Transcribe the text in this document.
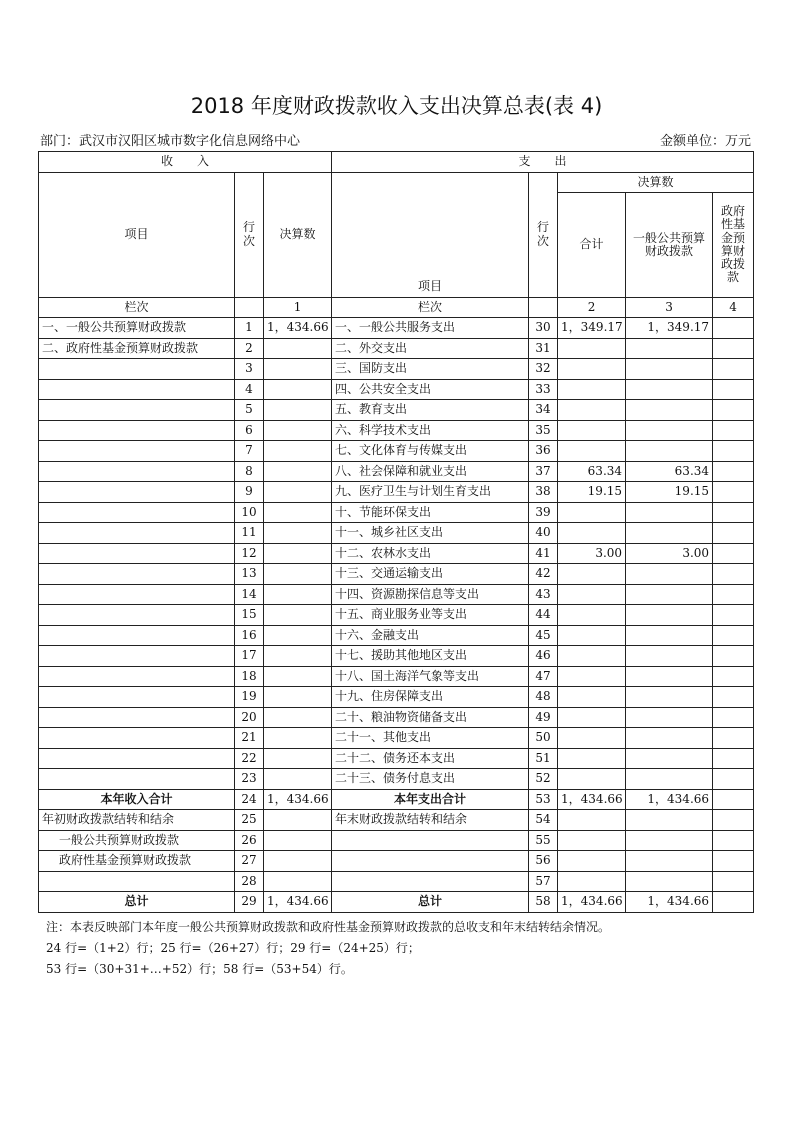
2018 年度财政拨款收入支出决算总表(表 4)
部门：武汉市汉阳区城市数字化信息网络中心	金额单位：万元
收　　入			支　　出				
项目	行次	决算数	项目	行次	决算数		
					合计	一般公共预算财政拨款	政府性基金预算财政拨款
栏次		1	栏次		2	3	4
一、一般公共预算财政拨款	1	1，434.66	一、一般公共服务支出	30	1，349.17	1，349.17	
二、政府性基金预算财政拨款	2		二、外交支出	31			
	3		三、国防支出	32			
	4		四、公共安全支出	33			
	5		五、教育支出	34			
	6		六、科学技术支出	35			
	7		七、文化体育与传媒支出	36			
	8		八、社会保障和就业支出	37	63.34	63.34	
	9		九、医疗卫生与计划生育支出	38	19.15	19.15	
	10		十、节能环保支出	39			
	11		十一、城乡社区支出	40			
	12		十二、农林水支出	41	3.00	3.00	
	13		十三、交通运输支出	42			
	14		十四、资源勘探信息等支出	43			
	15		十五、商业服务业等支出	44			
	16		十六、金融支出	45			
	17		十七、援助其他地区支出	46			
	18		十八、国土海洋气象等支出	47			
	19		十九、住房保障支出	48			
	20		二十、粮油物资储备支出	49			
	21		二十一、其他支出	50			
	22		二十二、债务还本支出	51			
	23		二十三、债务付息支出	52			
本年收入合计	24	1，434.66	本年支出合计	53	1，434.66	1，434.66	
年初财政拨款结转和结余	25		年末财政拨款结转和结余	54			
一般公共预算财政拨款	26			55			
政府性基金预算财政拨款	27			56			
	28			57			
总计	29	1，434.66	总计	58	1，434.66	1，434.66	
注：本表反映部门本年度一般公共预算财政拨款和政府性基金预算财政拨款的总收支和年末结转结余情况。
24 行=（1+2）行；25 行=（26+27）行；29 行=（24+25）行；
53 行=（30+31+…+52）行；58 行=（53+54）行。
